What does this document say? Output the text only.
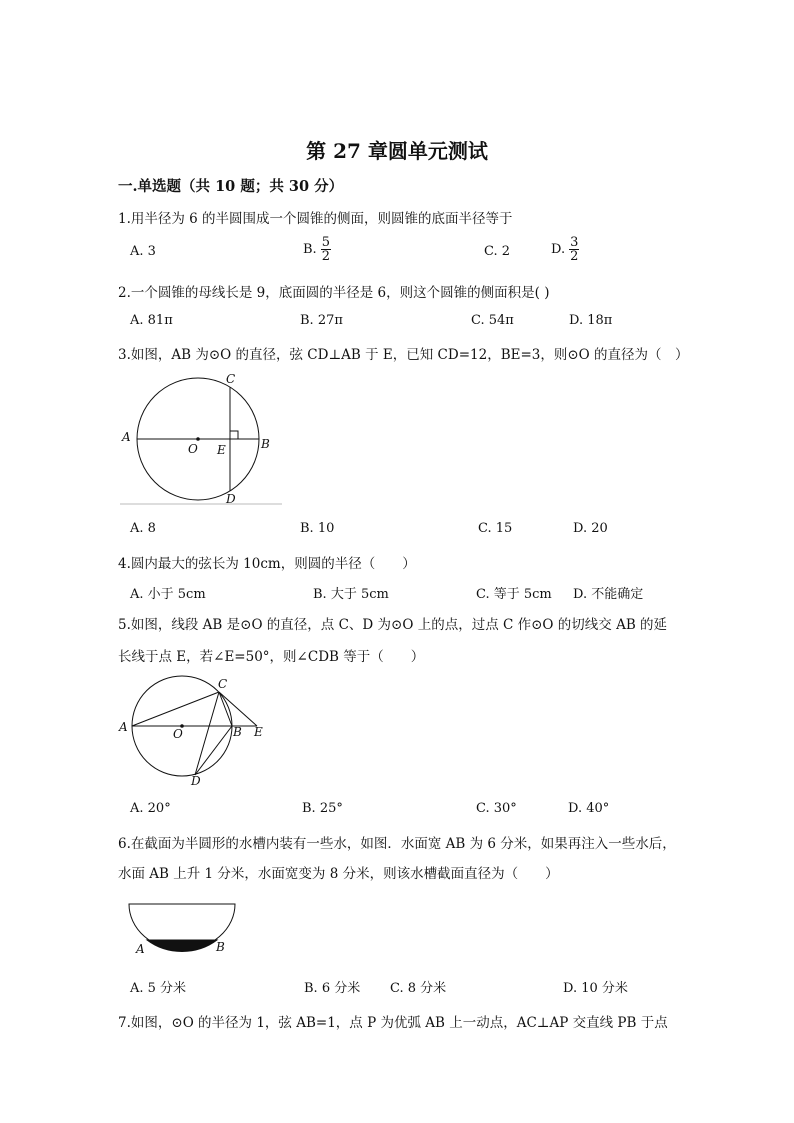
第 27 章圆单元测试
一.单选题（共 10 题；共 30 分）
1.用半径为 6 的半圆围成一个圆锥的侧面，则圆锥的底面半径等于
A. 3	B. $\frac{5}{2}$	C. 2	D. $\frac{3}{2}$
2.一个圆锥的母线长是 9，底面圆的半径是 6，则这个圆锥的侧面积是( )
A. 81π	B. 27π	C. 54π	D. 18π
3.如图，AB 为⊙O 的直径，弦 CD⊥AB 于 E，已知 CD=12，BE=3，则⊙O 的直径为（　）
A	B
C
D
O E
A. 8	B. 10	C. 15	D. 20
4.圆内最大的弦长为 10cm，则圆的半径（　　）
A. 小于 5cm	B. 大于 5cm	C. 等于 5cm D. 不能确定
5.如图，线段 AB 是⊙O 的直径，点 C、D 为⊙O 上的点，过点 C 作⊙O 的切线交 AB 的延
长线于点 E，若∠E=50°，则∠CDB 等于（　　）
A	B
C
D
O	E
A. 20°	B. 25°	C. 30°	D. 40°
6.在截面为半圆形的水槽内装有一些水，如图．水面宽 AB 为 6 分米，如果再注入一些水后，
水面 AB 上升 1 分米，水面宽变为 8 分米，则该水槽截面直径为（　　）
A	B
A. 5 分米	B. 6 分米 C. 8 分米	D. 10 分米
7.如图，⊙O 的半径为 1，弦 AB=1，点 P 为优弧 AB 上一动点，AC⊥AP 交直线 PB 于点
